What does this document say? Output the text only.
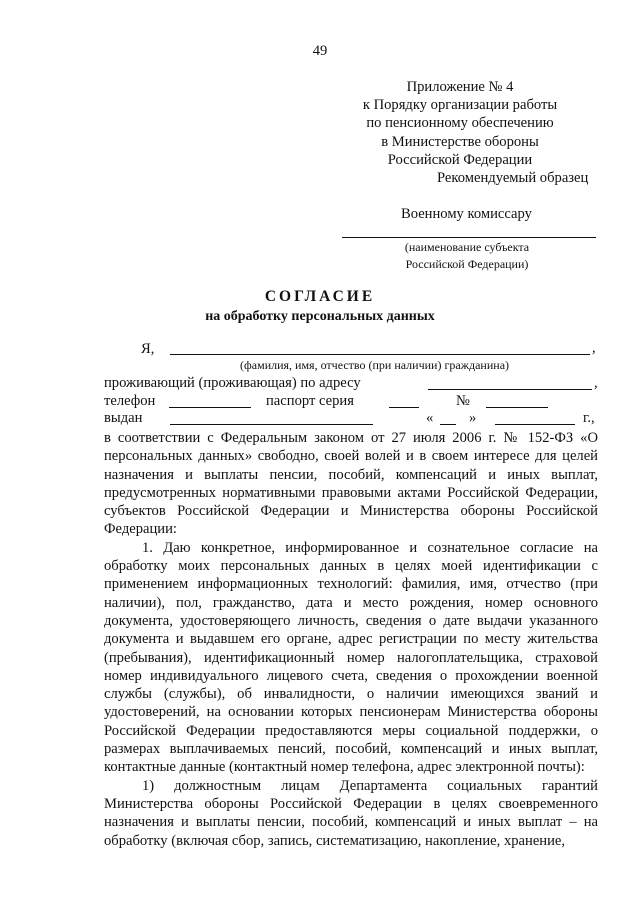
49
Приложение № 4
к Порядку организации работы
по пенсионному обеспечению
в Министерстве обороны
Российской Федерации
Рекомендуемый образец
Военному комиссару
(наименование субъекта
Российской Федерации)
СОГЛАСИЕ
на обработку персональных данных
Я,	,
(фамилия, имя, отчество (при наличии) гражданина)
проживающий (проживающая) по адресу	,
телефон	паспорт серия	№
выдан	« »	г.,

в соответствии с Федеральным законом от 27 июля 2006 г. № 152-ФЗ «О персональных данных» свободно, своей волей и в своем интересе для целей назначения и выплаты пенсии, пособий, компенсаций и иных выплат, предусмотренных нормативными правовыми актами Российской Федерации, субъектов Российской Федерации и Министерства обороны Российской Федерации:

1. Даю конкретное, информированное и сознательное согласие на обработку моих персональных данных в целях моей идентификации с применением информационных технологий: фамилия, имя, отчество (при наличии), пол, гражданство, дата и место рождения, номер основного документа, удостоверяющего личность, сведения о дате выдачи указанного документа и выдавшем его органе, адрес регистрации по месту жительства (пребывания), идентификационный номер налогоплательщика, страховой номер индивидуального лицевого счета, сведения о прохождении военной службы (службы), об инвалидности, о наличии имеющихся званий и удостоверений, на основании которых пенсионерам Министерства обороны Российской Федерации предоставляются меры социальной поддержки, о размерах выплачиваемых пенсий, пособий, компенсаций и иных выплат, контактные данные (контактный номер телефона, адрес электронной почты):

1) должностным лицам Департамента социальных гарантий Министерства обороны Российской Федерации в целях своевременного назначения и выплаты пенсии, пособий, компенсаций и иных выплат – на обработку (включая сбор, запись, систематизацию, накопление, хранение,
